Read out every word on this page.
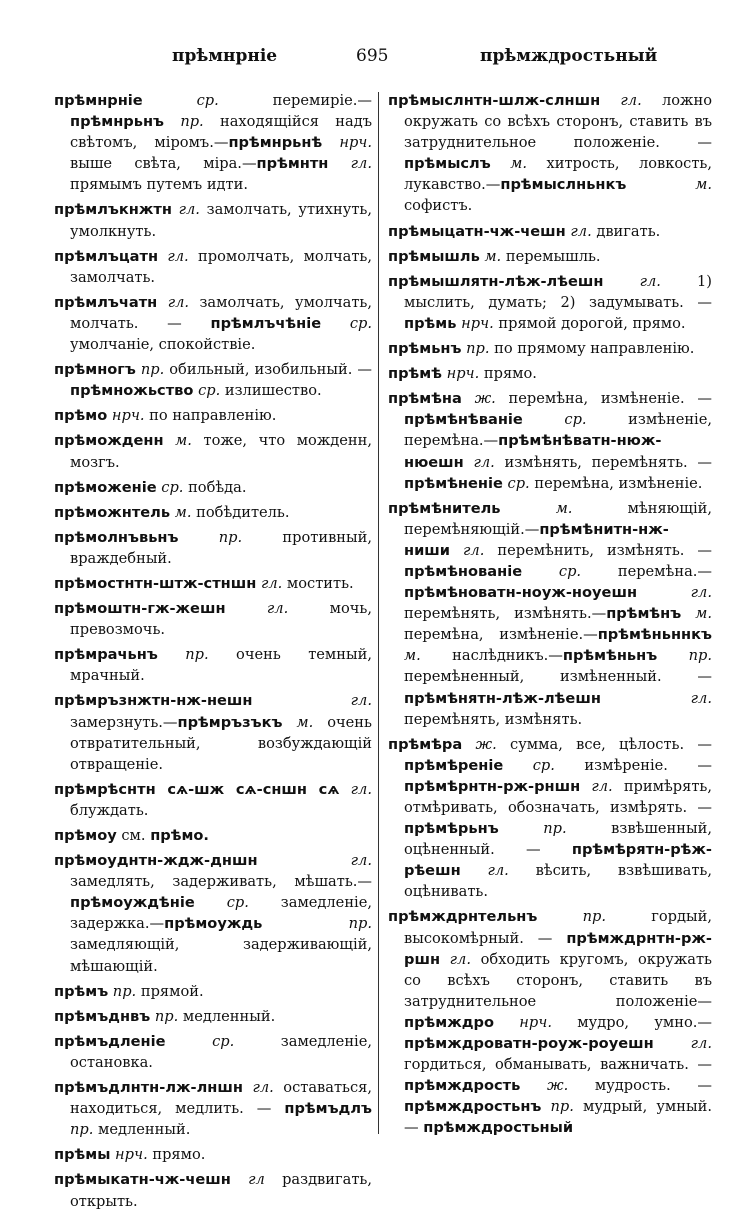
прѣмнрніе	695	прѣмждростьный

прѣмнрніе ср. перемиріе.— прѣмнрьнъ пр. находящійся надъ свѣтомъ, міромъ.—прѣмнрьнѣ нрч. выше свѣта, міра.—прѣмнтн гл. прямымъ путемъ идти.

прѣмлъкнжтн гл. замолчать, утихнуть, умолкнуть.

прѣмлъцатн гл. промолчать, молчать, замолчать.

прѣмлъчатн гл. замолчать, умолчать, молчать. — прѣмлъчѣніе ср. умолчаніе, спокойствіе.

прѣмногъ пр. обильный, изобильный. —прѣмножьство ср. излишество.

прѣмо нрч. по направленію.

прѣможденн м. тоже, что можденн, мозгъ.

прѣможеніе ср. побѣда.

прѣможнтель м. побѣдитель.

прѣмолнъвьнъ пр. противный, враждебный.

прѣмостнтн-штж-стншн гл. мостить.

прѣмоштн-гж-жешн гл. мочь, превозмочь.

прѣмрачьнъ пр. очень темный, мрачный.

прѣмръзнжтн-нж-нешн гл. замерзнуть.—прѣмръзъкъ м. очень отвратительный, возбуждающій отвращеніе.

прѣмрѣснтн сѧ-шж сѧ-сншн сѧ гл. блуждать.

прѣмоу см. прѣмо.

прѣмоуднтн-ждж-дншн гл. замедлять, задерживать, мѣшать.—прѣмоуждѣніе ср. замедленіе, задержка.—прѣмоуждь пр. замедляющій, задерживающій, мѣшающій.

прѣмъ пр. прямой.

прѣмъднвъ пр. медленный.

прѣмъдленіе ср. замедленіе, остановка.

прѣмъдлнтн-лж-лншн гл. оставаться, находиться, медлить. — прѣмъдлъ пр. медленный.

прѣмы нрч. прямо.

прѣмыкатн-чж-чешн гл раздвигать, открыть.

прѣмыслнтн-шлж-слншн гл. ложно окружать со всѣхъ сторонъ, ставить въ затруднительное положеніе. — прѣмыслъ м. хитрость, ловкость, лукавство.—прѣмыслньнкъ м. софистъ.

прѣмыцатн-чж-чешн гл. двигать.

прѣмышль м. перемышль.

прѣмышлятн-лѣж-лѣешн гл. 1) мыслить, думать; 2) задумывать. — прѣмь нрч. прямой дорогой, прямо.

прѣмьнъ пр. по прямому направленію.

прѣмѣ нрч. прямо.

прѣмѣна ж. перемѣна, измѣненіе. — прѣмѣнѣваніе ср. измѣненіе, перемѣна.—прѣмѣнѣватн-нюж-нюешн гл. измѣнять, перемѣнять. — прѣмѣненіе ср. перемѣна, измѣненіе.

прѣмѣнитель м. мѣняющій, перемѣняющій.—прѣмѣнитн-нж-ниши гл. перемѣнить, измѣнять. — прѣмѣнованіе ср. перемѣна.—прѣмѣноватн-ноуж-ноуешн гл. перемѣнять, измѣнять.—прѣмѣнъ м. перемѣна, измѣненіе.—прѣмѣньннкъ м. наслѣдникъ.—прѣмѣньнъ пр. перемѣненный, измѣненный. — прѣмѣнятн-лѣж-лѣешн гл. перемѣнять, измѣнять.

прѣмѣра ж. сумма, все, цѣлость. — прѣмѣреніе ср. измѣреніе. — прѣмѣрнтн-рж-рншн гл. примѣрять, отмѣривать, обозначать, измѣрять. —прѣмѣрьнъ пр. взвѣшенный, оцѣненный. — прѣмѣрятн-рѣж-рѣешн гл. вѣсить, взвѣшивать, оцѣнивать.

прѣмждрнтельнъ пр. гордый, высокомѣрный. — прѣмждрнтн-рж-ршн гл. обходить кругомъ, окружать со всѣхъ сторонъ, ставить въ затруднительное положеніе—прѣмждро нрч. мудро, умно.—прѣмждроватн-роуж-роуешн гл. гордиться, обманывать, важничать. — прѣмждрость ж. мудрость. — прѣмждростьнъ пр. мудрый, умный. — прѣмждростьный
